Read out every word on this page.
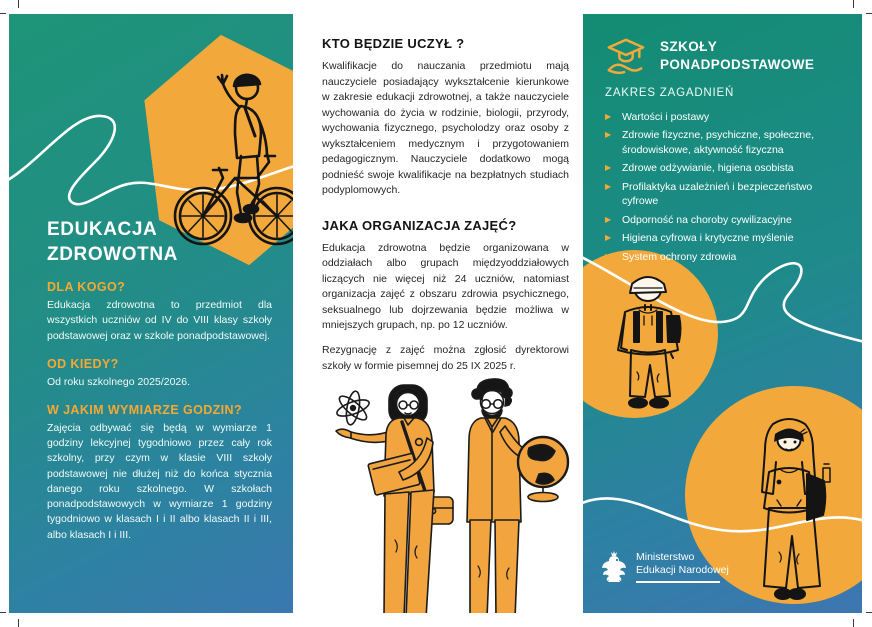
EDUKACJA
ZDROWOTNA
DLA KOGO?
Edukacja zdrowotna to przedmiot dla wszystkich uczniów od IV do VIII klasy szkoły podstawowej oraz w szkole ponadpodstawowej.
OD KIEDY?
Od roku szkolnego 2025/2026.
W JAKIM WYMIARZE GODZIN?
Zajęcia odbywać się będą w wymiarze 1 godziny lekcyjnej tygodniowo przez cały rok szkolny, przy czym w klasie VIII szkoły podstawowej nie dłużej niż do końca stycznia danego roku szkolnego. W szkołach ponadpodstawowych w wymiarze 1 godziny tygodniowo w klasach I i II albo klasach II i III, albo klasach I i III.
KTO BĘDZIE UCZYŁ ?

Kwalifikacje do nauczania przedmiotu mają nauczyciele posiadający wykształcenie kierunkowe w zakresie edukacji zdrowotnej, a także nauczyciele wychowania do życia w rodzinie, biologii, przyrody, wychowania fizycznego, psycholodzy oraz osoby z wykształceniem medycznym i przygotowaniem pedagogicznym. Nauczyciele dodatkowo mogą podnieść swoje kwalifikacje na bezpłatnych studiach podyplomowych.

JAKA ORGANIZACJA ZAJĘĆ?

Edukacja zdrowotna będzie organizowana w oddziałach albo grupach międzyoddziałowych liczących nie więcej niż 24 uczniów, natomiast organizacja zajęć z obszaru zdrowia psychicznego, seksualnego lub dojrzewania będzie możliwa w mniejszych grupach, np. po 12 uczniów.

Rezygnację z zajęć można zgłosić dyrektorowi szkoły w formie pisemnej do 25 IX 2025 r.

SZKOŁY
PONADPODSTAWOWE
ZAKRES ZAGADNIEŃ
▶ Wartości i postawy
▶ Zdrowie fizyczne, psychiczne, społeczne, środowiskowe, aktywność fizyczna
▶ Zdrowe odżywianie, higiena osobista
▶ Profilaktyka uzależnień i bezpieczeństwo cyfrowe
▶ Odporność na choroby cywilizacyjne
▶ Higiena cyfrowa i krytyczne myślenie
▶ System ochrony zdrowia
Ministerstwo
Edukacji Narodowej
